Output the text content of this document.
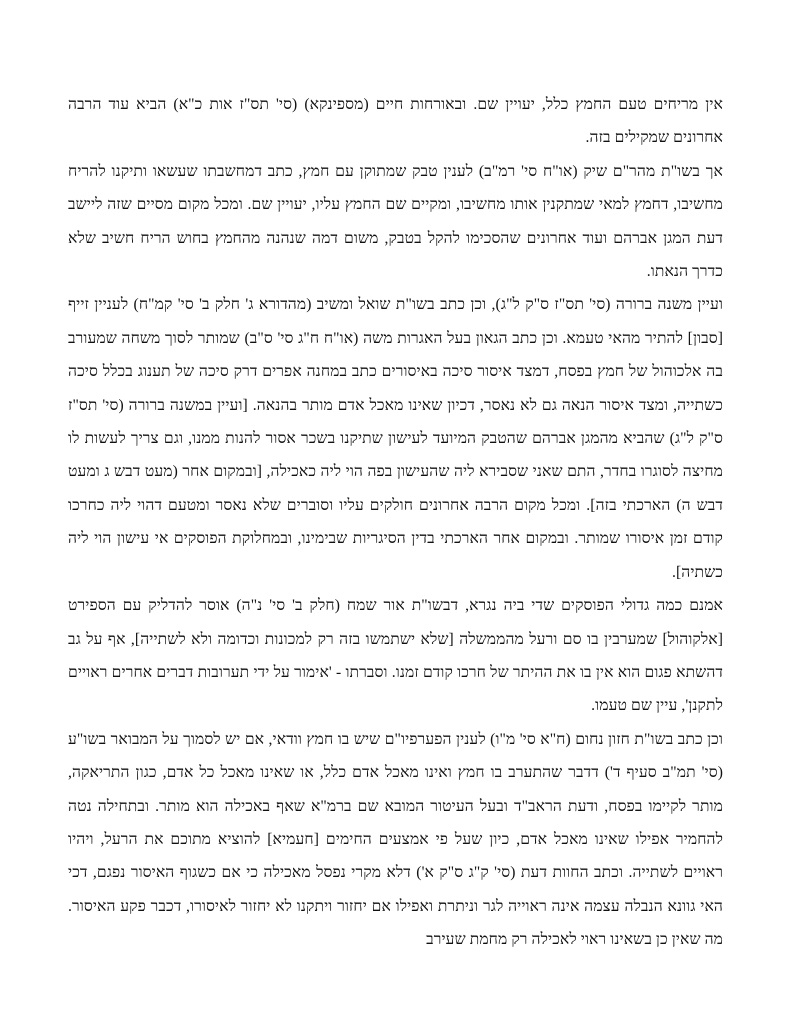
אין מריחים טעם החמץ כלל, יעויין שם. ובאורחות חיים (מספינקא) (סי' תס"ז אות כ"א) הביא עוד הרבה אחרונים שמקילים בזה.

אך בשו"ת מהר"ם שיק (או"ח סי' רמ"ב) לענין טבק שמתוקן עם חמץ, כתב דמחשבתו שעשאו ותיקנו להריח מחשיבו, דחמץ למאי שמתקנין אותו מחשיבו, ומקיים שם החמץ עליו, יעויין שם. ומכל מקום מסיים שזה ליישב דעת המגן אברהם ועוד אחרונים שהסכימו להקל בטבק, משום דמה שנהנה מהחמץ בחוש הריח חשיב שלא כדרך הנאתו.

ועיין משנה ברורה (סי' תס"ז ס"ק ל"ג), וכן כתב בשו"ת שואל ומשיב (מהדורא ג' חלק ב' סי' קמ"ח) לעניין זייף [סבון] להתיר מהאי טעמא. וכן כתב הגאון בעל האגרות משה (או"ח ח"ג סי' ס"ב) שמותר לסוך משחה שמעורב בה אלכוהול של חמץ בפסח, דמצד איסור סיכה באיסורים כתב במחנה אפרים דרק סיכה של תענוג בכלל סיכה כשתייה, ומצד איסור הנאה גם לא נאסר, דכיון שאינו מאכל אדם מותר בהנאה. [ועיין במשנה ברורה (סי' תס"ז ס"ק ל"ג) שהביא מהמגן אברהם שהטבק המיועד לעישון שתיקנו בשכר אסור להנות ממנו, וגם צריך לעשות לו מחיצה לסוגרו בחדר, התם שאני שסבירא ליה שהעישון בפה הוי ליה כאכילה, [ובמקום אחר (מעט דבש ג ומעט דבש ה) הארכתי בזה]. ומכל מקום הרבה אחרונים חולקים עליו וסוברים שלא נאסר ומטעם דהוי ליה כחרכו קודם זמן איסורו שמותר. ובמקום אחר הארכתי בדין הסיגריות שבימינו, ובמחלוקת הפוסקים אי עישון הוי ליה כשתיה].

אמנם כמה גדולי הפוסקים שדי ביה נגרא, דבשו"ת אור שמח (חלק ב' סי' נ"ה) אוסר להדליק עם הספירט [אלקוהול] שמערבין בו סם ורעל מהממשלה [שלא ישתמשו בזה רק למכונות וכדומה ולא לשתייה], אף על גב דהשתא פגום הוא אין בו את ההיתר של חרכו קודם זמנו. וסברתו - 'אימור על ידי תערובות דברים אחרים ראויים לתקנן', עיין שם טעמו.

וכן כתב בשו"ת חזון נחום (ח"א סי' מ"ו) לענין הפערפיו"ם שיש בו חמץ וודאי, אם יש לסמוך על המבואר בשו"ע (סי' תמ"ב סעיף ד') דדבר שהתערב בו חמץ ואינו מאכל אדם כלל, או שאינו מאכל כל אדם, כגון התריאקה, מותר לקיימו בפסח, ודעת הראב"ד ובעל העיטור המובא שם ברמ"א שאף באכילה הוא מותר. ובתחילה נטה להחמיר אפילו שאינו מאכל אדם, כיון שעל פי אמצעים החימים [חעמיא] להוציא מתוכם את הרעל, ויהיו ראויים לשתייה. וכתב החוות דעת (סי' ק"ג ס"ק א') דלא מקרי נפסל מאכילה כי אם כשגוף האיסור נפגם, דכי האי גוונא הנבלה עצמה אינה ראוייה לגר וניתרת ואפילו אם יחזור ויתקנו לא יחזור לאיסורו, דכבר פקע האיסור. מה שאין כן בשאינו ראוי לאכילה רק מחמת שעירב
